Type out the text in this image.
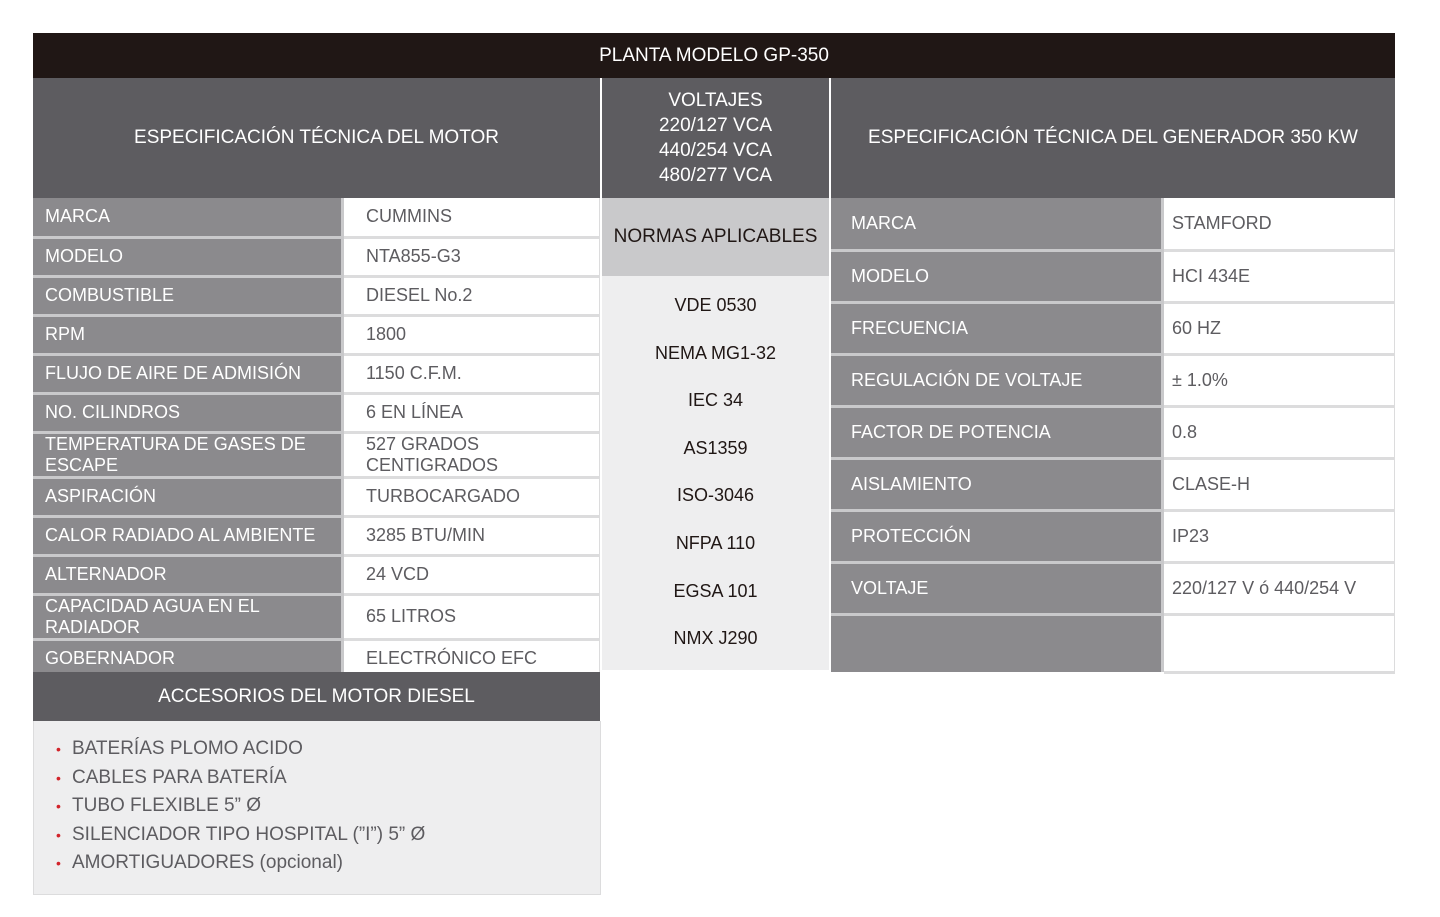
PLANTA MODELO GP-350
ESPECIFICACIÓN TÉCNICA DEL MOTOR
VOLTAJES
220/127 VCA
440/254 VCA
480/277 VCA
ESPECIFICACIÓN TÉCNICA DEL GENERADOR 350 KW
MARCA		CUMMINS
MODELO		NTA855-G3
COMBUSTIBLE		DIESEL No.2
RPM		1800
FLUJO DE AIRE DE ADMISIÓN		1150 C.F.M.
NO. CILINDROS		6 EN LÍNEA
TEMPERATURA DE GASES DE ESCAPE		527 GRADOS CENTIGRADOS
ASPIRACIÓN		TURBOCARGADO
CALOR RADIADO AL AMBIENTE		3285 BTU/MIN
ALTERNADOR		24 VCD
CAPACIDAD AGUA EN EL RADIADOR		65 LITROS
GOBERNADOR		ELECTRÓNICO EFC
NORMAS APLICABLES
VDE 0530
NEMA MG1-32
IEC 34
AS1359
ISO-3046
NFPA 110
EGSA 101
NMX J290
MARCA		STAMFORD
MODELO		HCI 434E
FRECUENCIA		60 HZ
REGULACIÓN DE VOLTAJE		± 1.0%
FACTOR DE POTENCIA		0.8
AISLAMIENTO		CLASE-H
PROTECCIÓN		IP23
VOLTAJE		220/127 V ó 440/254 V

ACCESORIOS DEL MOTOR DIESEL
• BATERÍAS PLOMO ACIDO
• CABLES PARA BATERÍA
• TUBO FLEXIBLE 5” Ø
• SILENCIADOR TIPO HOSPITAL (”I”) 5” Ø
• AMORTIGUADORES (opcional)
